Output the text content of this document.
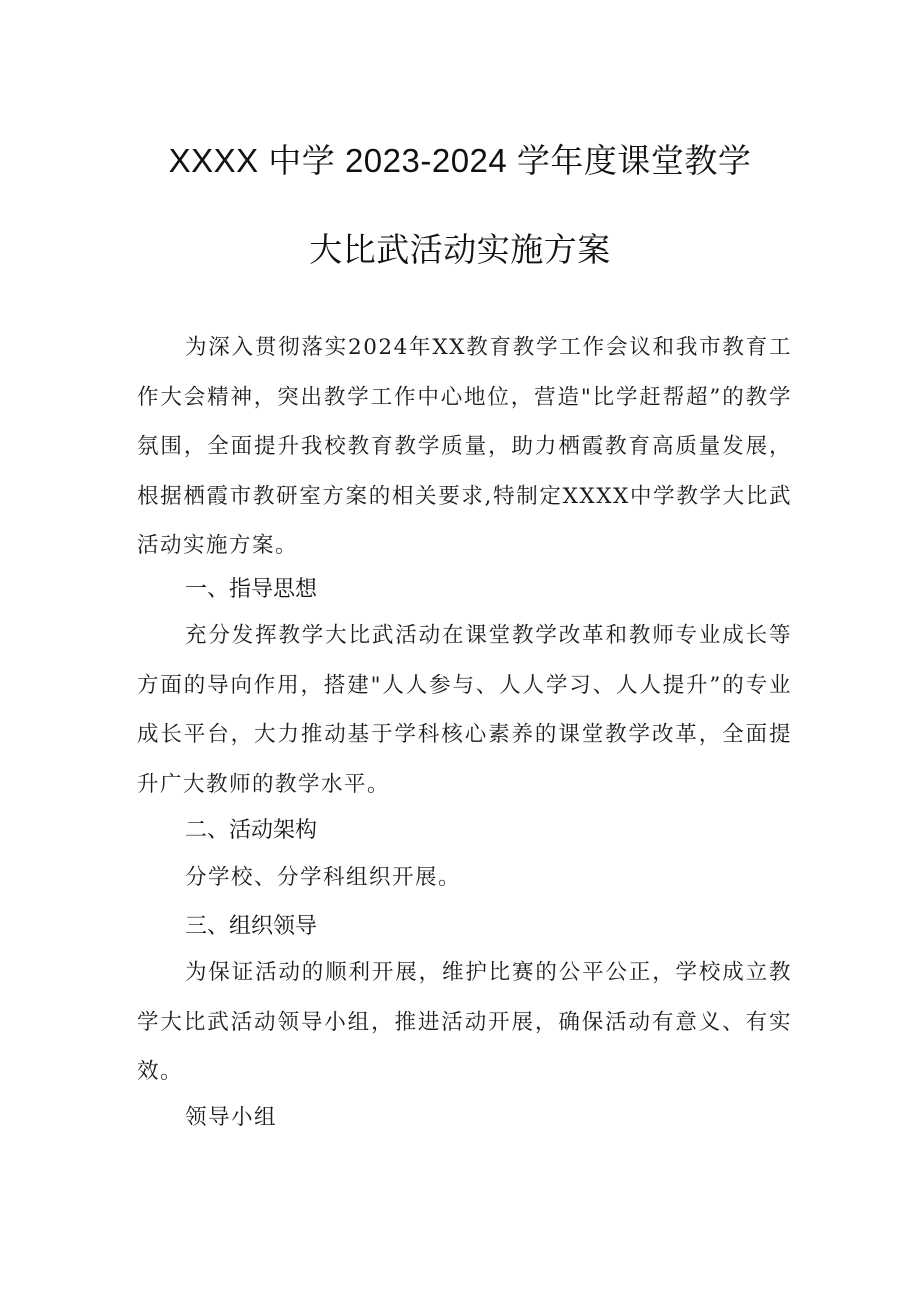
XXXX 中学 2023-2024 学年度课堂教学
大比武活动实施方案

为深入贯彻落实2024年XX教育教学工作会议和我市教育工作大会精神，突出教学工作中心地位，营造"比学赶帮超”的教学氛围，全面提升我校教育教学质量，助力栖霞教育高质量发展，根据栖霞市教研室方案的相关要求,特制定XXXX中学教学大比武活动实施方案。

一、指导思想

充分发挥教学大比武活动在课堂教学改革和教师专业成长等方面的导向作用，搭建"人人参与、人人学习、人人提升”的专业成长平台，大力推动基于学科核心素养的课堂教学改革，全面提升广大教师的教学水平。

二、活动架构

分学校、分学科组织开展。

三、组织领导

为保证活动的顺利开展，维护比赛的公平公正，学校成立教学大比武活动领导小组，推进活动开展，确保活动有意义、有实效。

领导小组
